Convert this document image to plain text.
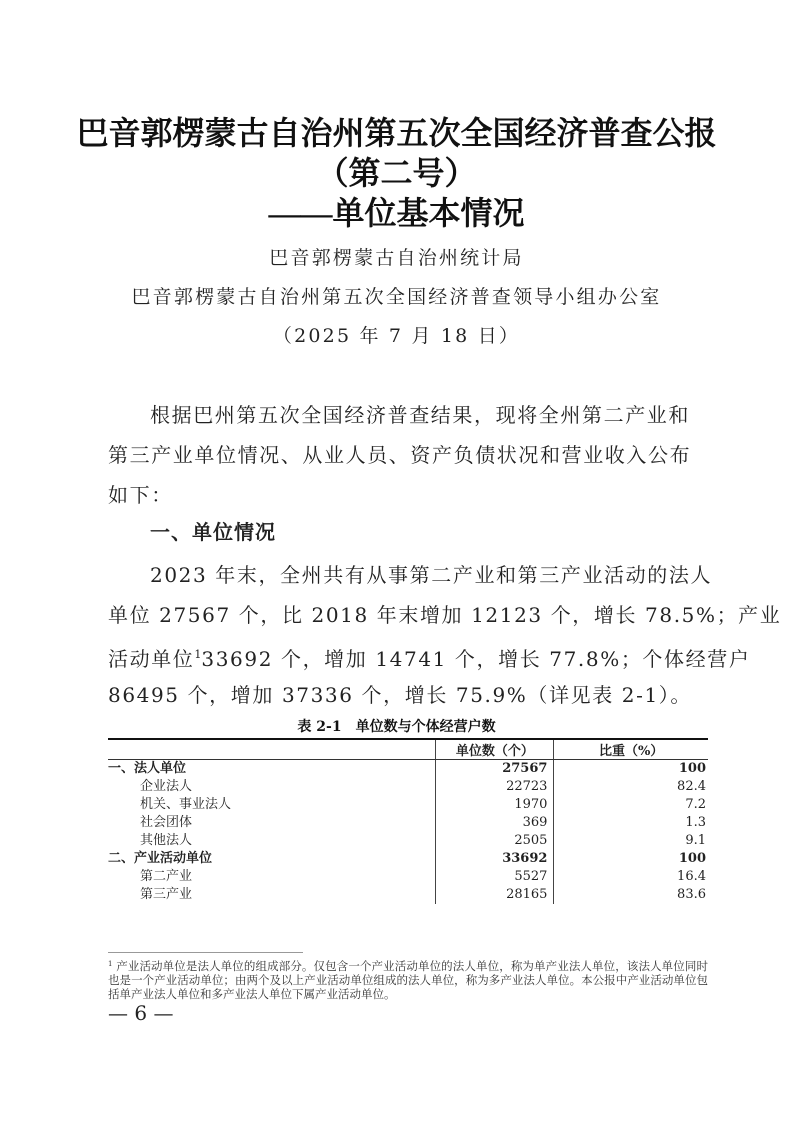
巴音郭楞蒙古自治州第五次全国经济普查公报
（第二号）
——单位基本情况
巴音郭楞蒙古自治州统计局
巴音郭楞蒙古自治州第五次全国经济普查领导小组办公室
（2025 年 7 月 18 日）
根据巴州第五次全国经济普查结果，现将全州第二产业和
第三产业单位情况、从业人员、资产负债状况和营业收入公布
如下：
一、单位情况
2023 年末，全州共有从事第二产业和第三产业活动的法人
单位 27567 个，比 2018 年末增加 12123 个，增长 78.5%；产业
活动单位$^1$33692 个，增加 14741 个，增长 77.8%；个体经营户
86495 个，增加 37336 个，增长 75.9%（详见表 2-1）。
表 2-1　单位数与个体经营户数
	单位数（个）	比重（%）
一、法人单位	27567	100
企业法人	22723	82.4
机关、事业法人	1970	7.2
社会团体	369	1.3
其他法人	2505	9.1
二、产业活动单位	33692	100
第二产业	5527	16.4
第三产业	28165	83.6
$^1$ 产业活动单位是法人单位的组成部分。仅包含一个产业活动单位的法人单位，称为单产业法人单位，该法人单位同时也是一个产业活动单位；由两个及以上产业活动单位组成的法人单位，称为多产业法人单位。本公报中产业活动单位包括单产业法人单位和多产业法人单位下属产业活动单位。
— 6 —
